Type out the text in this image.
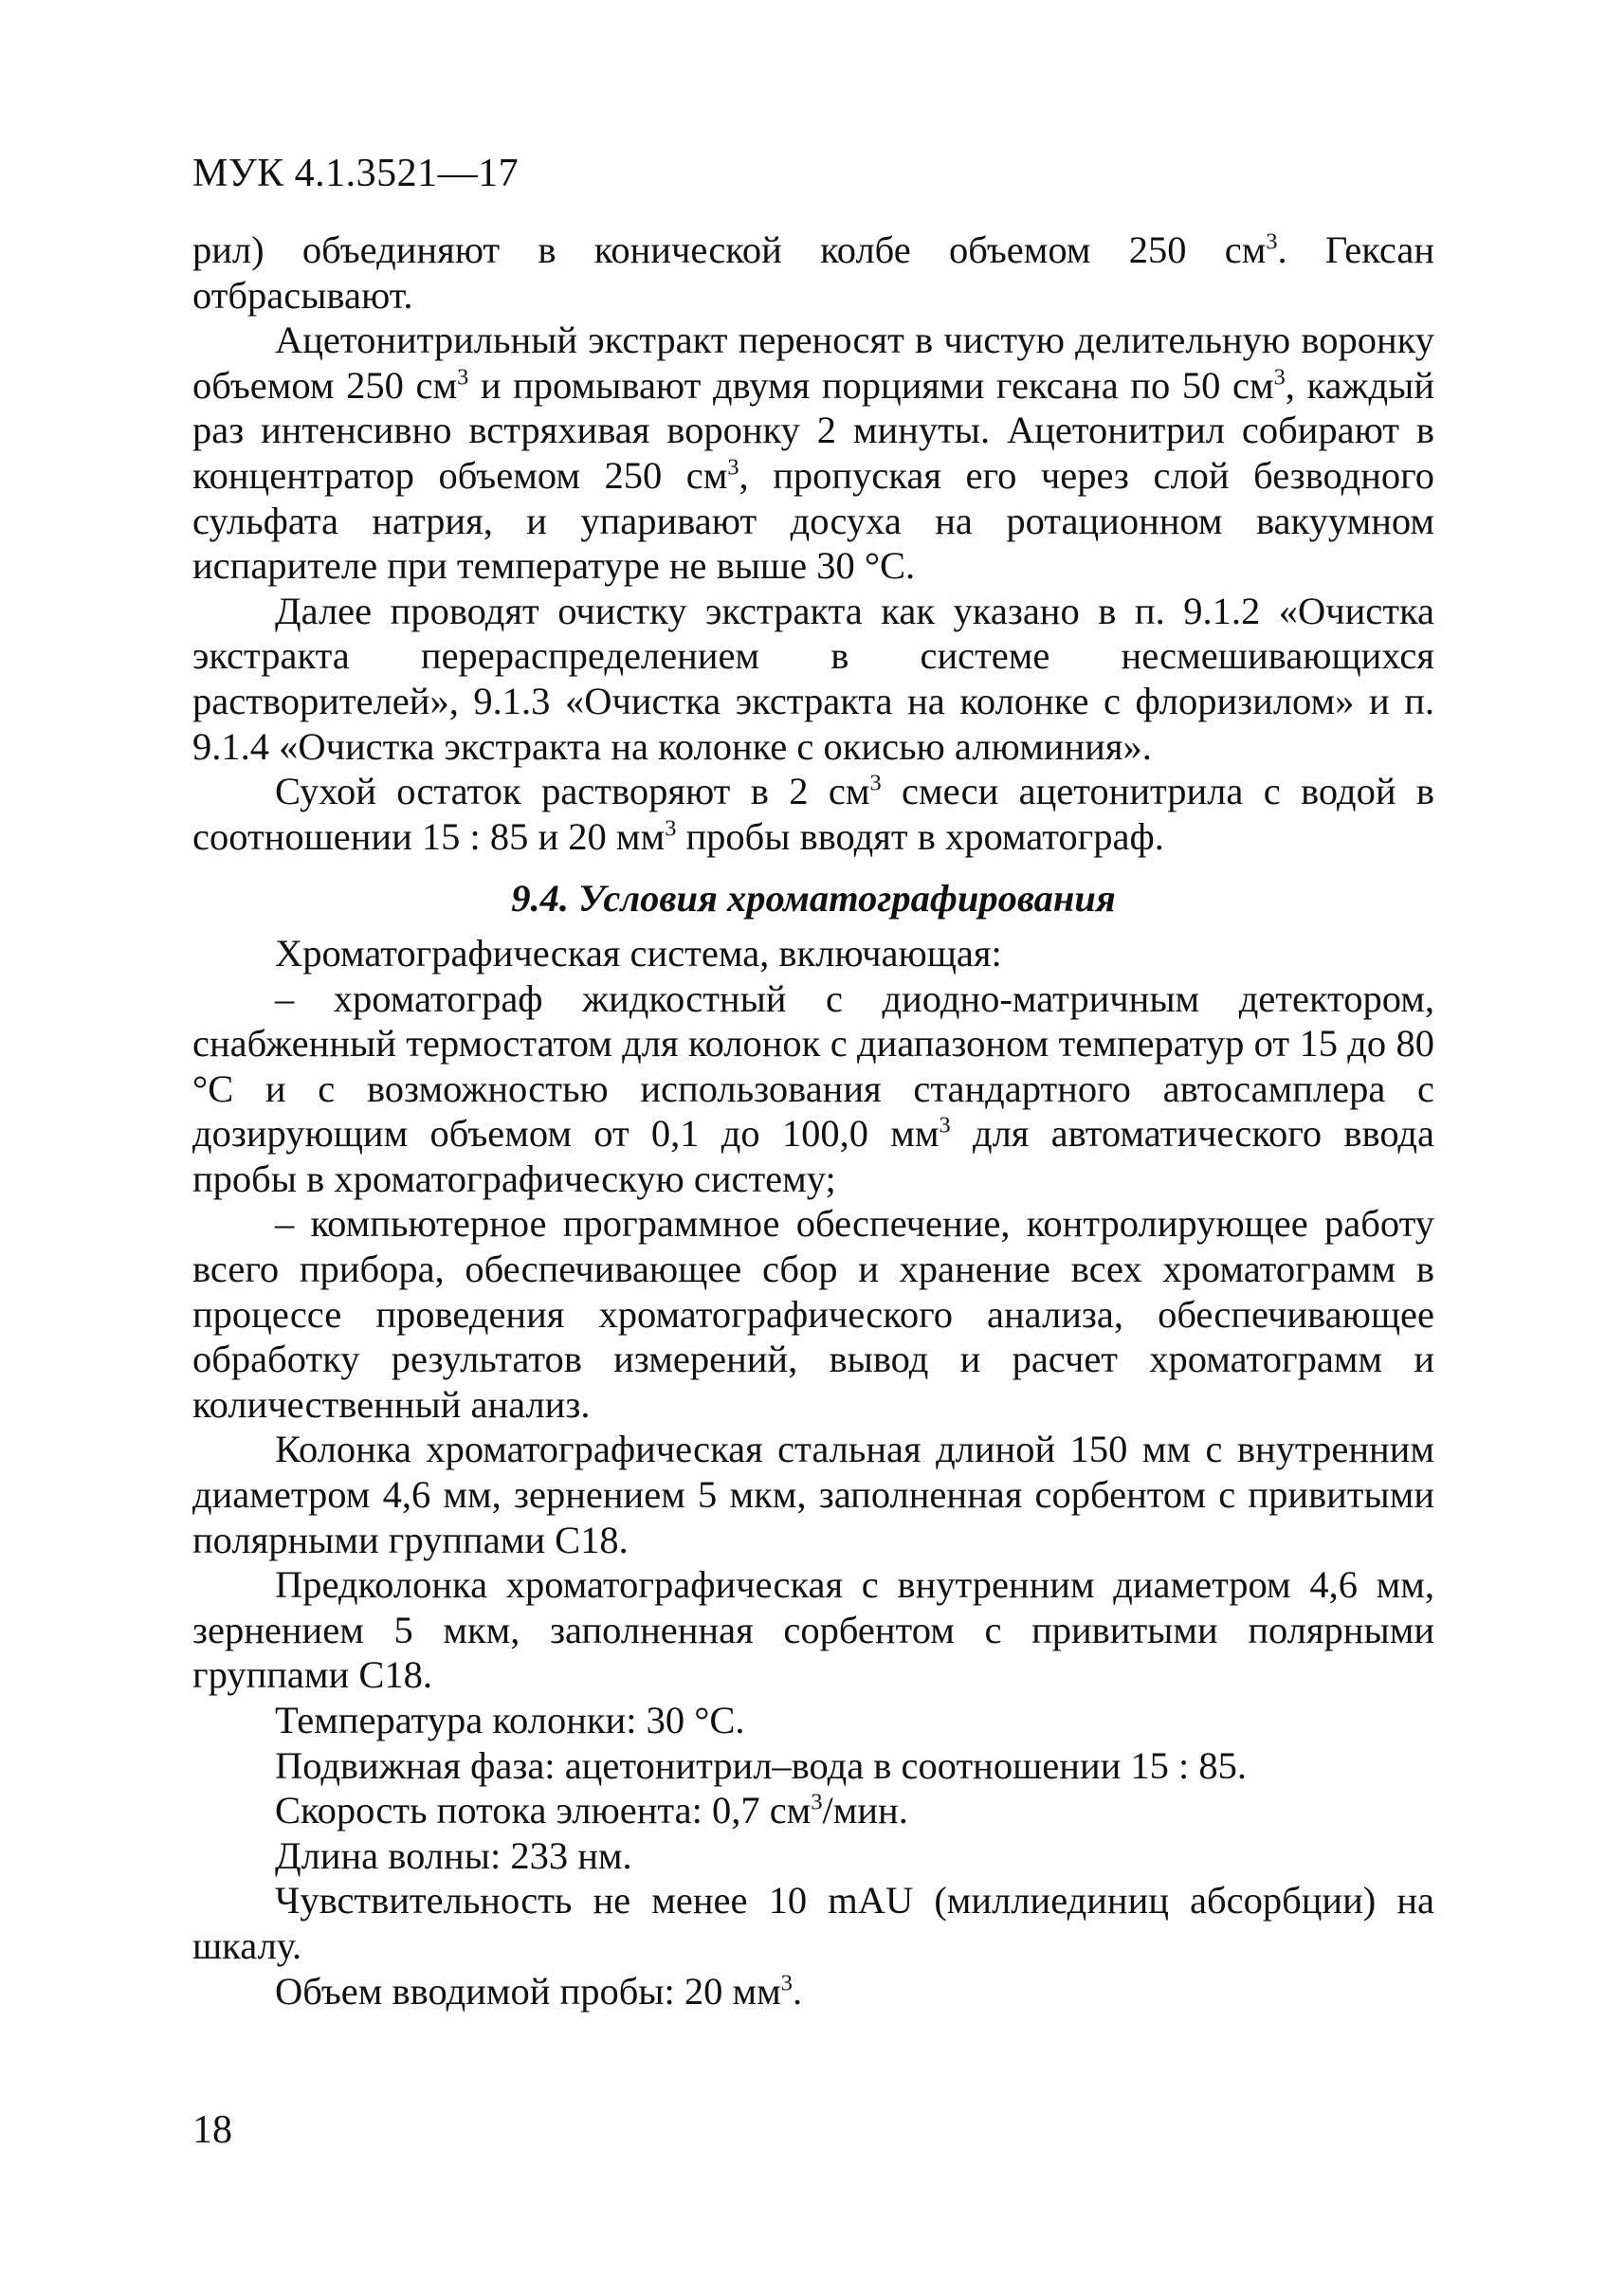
МУК 4.1.3521—17

рил) объединяют в конической колбе объемом 250 $см^3$. Гексан отбрасывают.

Ацетонитрильный экстракт переносят в чистую делительную воронку объемом 250 $см^3$ и промывают двумя порциями гексана по 50 $см^3$, каждый раз интенсивно встряхивая воронку 2 минуты. Ацетонитрил собирают в концентратор объемом 250 $см^3$, пропуская его через слой безводного сульфата натрия, и упаривают досуха на ротационном вакуумном испарителе при температуре не выше 30 °С.

Далее проводят очистку экстракта как указано в п. 9.1.2 «Очистка экстракта перераспределением в системе несмешивающихся растворителей», 9.1.3 «Очистка экстракта на колонке с флоризилом» и п. 9.1.4 «Очистка экстракта на колонке с окисью алюминия».

Сухой остаток растворяют в 2 $см^3$ смеси ацетонитрила с водой в соотношении 15 : 85 и 20 $мм^3$ пробы вводят в хроматограф.

9.4. Условия хроматографирования

Хроматографическая система, включающая:

– хроматограф жидкостный с диодно-матричным детектором, снабженный термостатом для колонок с диапазоном температур от 15 до 80 °С и с возможностью использования стандартного автосамплера с дозирующим объемом от 0,1 до 100,0 $мм^3$ для автоматического ввода пробы в хроматографическую систему;

– компьютерное программное обеспечение, контролирующее работу всего прибора, обеспечивающее сбор и хранение всех хроматограмм в процессе проведения хроматографического анализа, обеспечивающее обработку результатов измерений, вывод и расчет хроматограмм и количественный анализ.

Колонка хроматографическая стальная длиной 150 мм с внутренним диаметром 4,6 мм, зернением 5 мкм, заполненная сорбентом с привитыми полярными группами С18.

Предколонка хроматографическая с внутренним диаметром 4,6 мм, зернением 5 мкм, заполненная сорбентом с привитыми полярными группами С18.

Температура колонки: 30 °С.

Подвижная фаза: ацетонитрил–вода в соотношении 15 : 85.

Скорость потока элюента: 0,7 $см^3$/мин.

Длина волны: 233 нм.

Чувствительность не менее 10 mAU (миллиединиц абсорбции) на шкалу.

Объем вводимой пробы: 20 $мм^3$.

18
